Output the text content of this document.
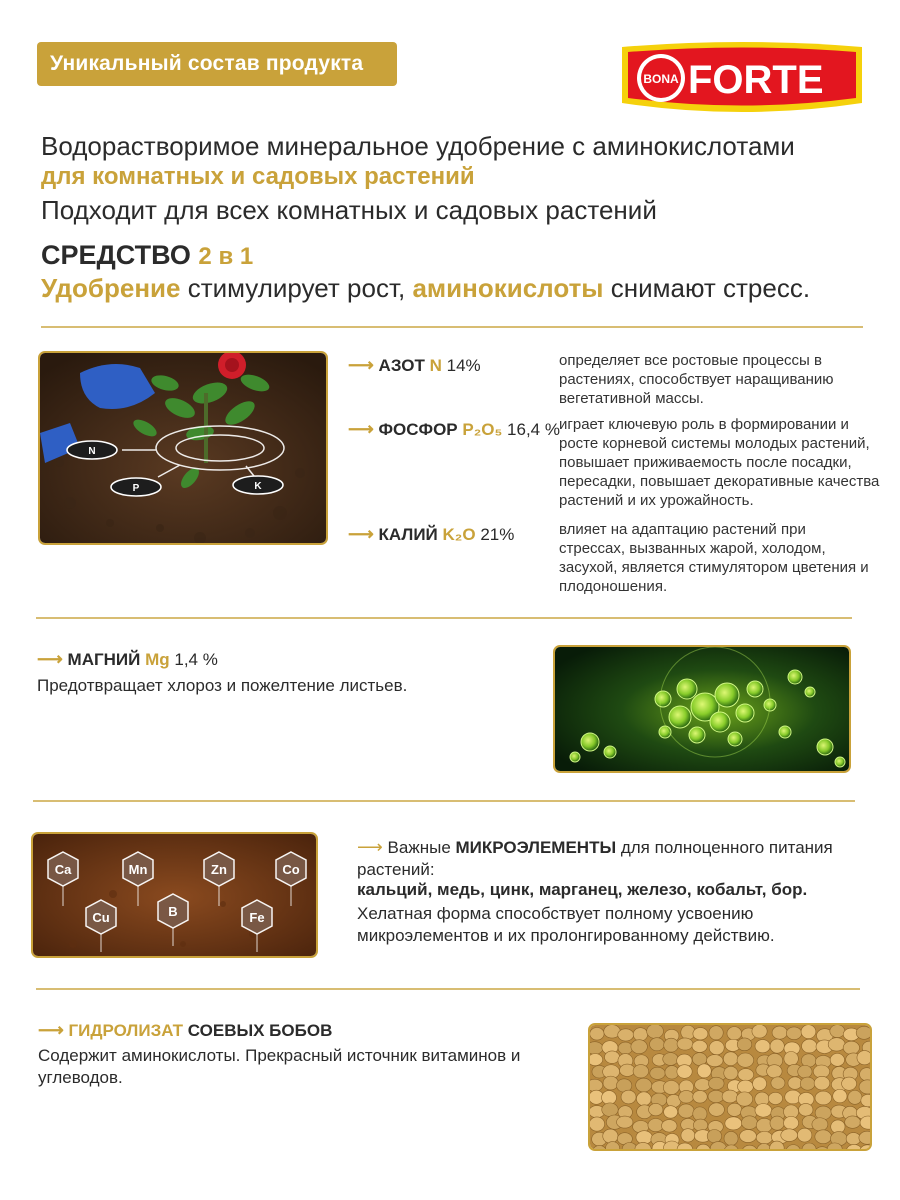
Уникальный состав продукта
BONA FORTE
Водорастворимое минеральное удобрение с аминокислотами
для комнатных и садовых растений
Подходит для всех комнатных и садовых растений
СРЕДСТВО 2 в 1
Удобрение стимулирует рост, аминокислоты снимают стресс.
N
P	K
⟶ АЗОТ N 14%	определяет все ростовые процессы в растениях, способствует наращиванию вегетативной массы.
⟶ ФОСФОР P₂O₅ 16,4 % играет ключевую роль в формировании и росте корневой системы молодых растений, повышает приживаемость после посадки, пересадки, повышает декоративные качества растений и их урожайность.
⟶ КАЛИЙ K₂O 21%	влияет на адаптацию растений при стрессах, вызванных жарой, холодом, засухой, является стимулятором цветения и плодоношения.
⟶ МАГНИЙ Mg 1,4 %
Предотвращает хлороз и пожелтение листьев.
Ca	Mn	Zn	Co
Cu	B	Fe
⟶ Важные МИКРОЭЛЕМЕНТЫ для полноценного питания растений:
кальций, медь, цинк, марганец, железо, кобальт, бор.
Хелатная форма способствует полному усвоению микроэлементов и их пролонгированному действию.
⟶ ГИДРОЛИЗАТ СОЕВЫХ БОБОВ
Содержит аминокислоты. Прекрасный источник витаминов и углеводов.
